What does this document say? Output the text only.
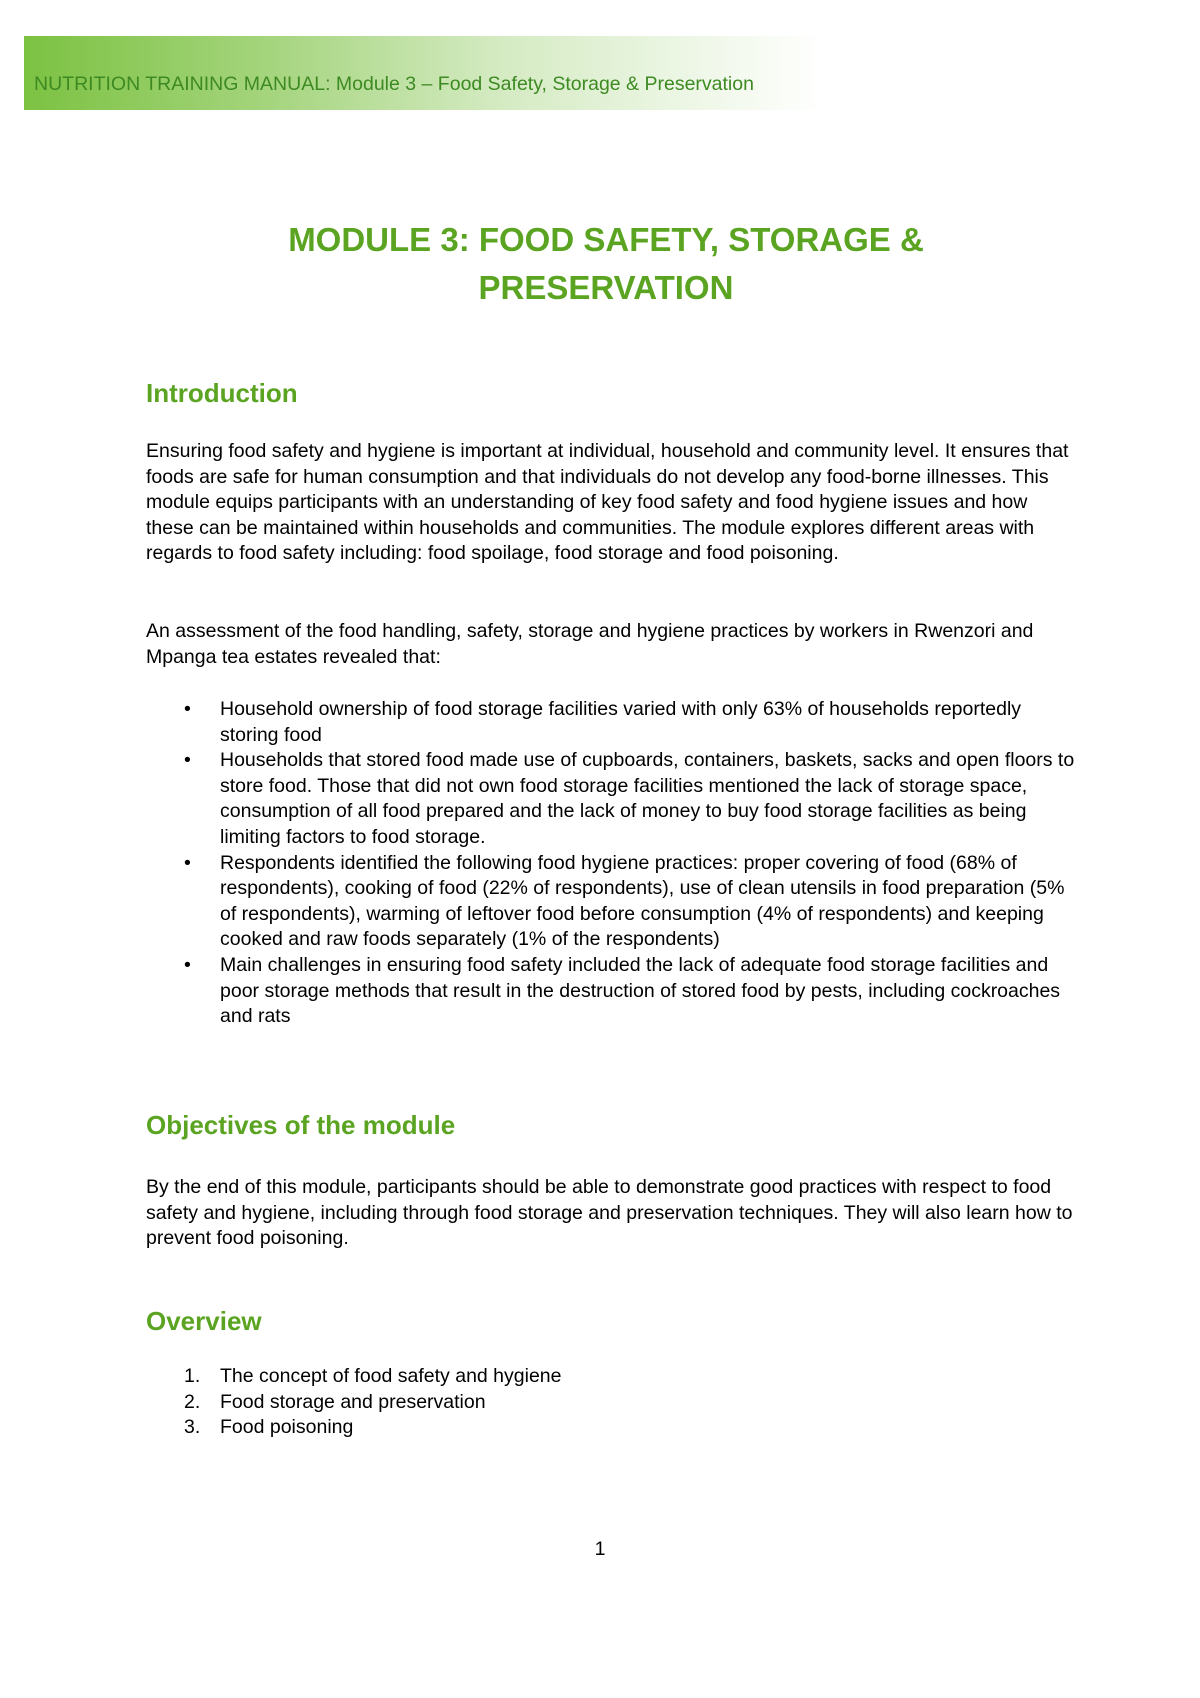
NUTRITION TRAINING MANUAL: Module 3 – Food Safety, Storage & Preservation
MODULE 3: FOOD SAFETY, STORAGE &
PRESERVATION
Introduction

Ensuring food safety and hygiene is important at individual, household and community level. It ensures that foods are safe for human consumption and that individuals do not develop any food-borne illnesses. This module equips participants with an understanding of key food safety and food hygiene issues and how these can be maintained within households and communities. The module explores different areas with regards to food safety including: food spoilage, food storage and food poisoning.

An assessment of the food handling, safety, storage and hygiene practices by workers in Rwenzori and Mpanga tea estates revealed that:

• Household ownership of food storage facilities varied with only 63% of households reportedly storing food
• Households that stored food made use of cupboards, containers, baskets, sacks and open floors to store food. Those that did not own food storage facilities mentioned the lack of storage space, consumption of all food prepared and the lack of money to buy food storage facilities as being limiting factors to food storage.
• Respondents identified the following food hygiene practices: proper covering of food (68% of respondents), cooking of food (22% of respondents), use of clean utensils in food preparation (5% of respondents), warming of leftover food before consumption (4% of respondents) and keeping cooked and raw foods separately (1% of the respondents)
• Main challenges in ensuring food safety included the lack of adequate food storage facilities and poor storage methods that result in the destruction of stored food by pests, including cockroaches and rats
Objectives of the module

By the end of this module, participants should be able to demonstrate good practices with respect to food safety and hygiene, including through food storage and preservation techniques. They will also learn how to prevent food poisoning.

Overview
1. The concept of food safety and hygiene
2. Food storage and preservation
3. Food poisoning
1
